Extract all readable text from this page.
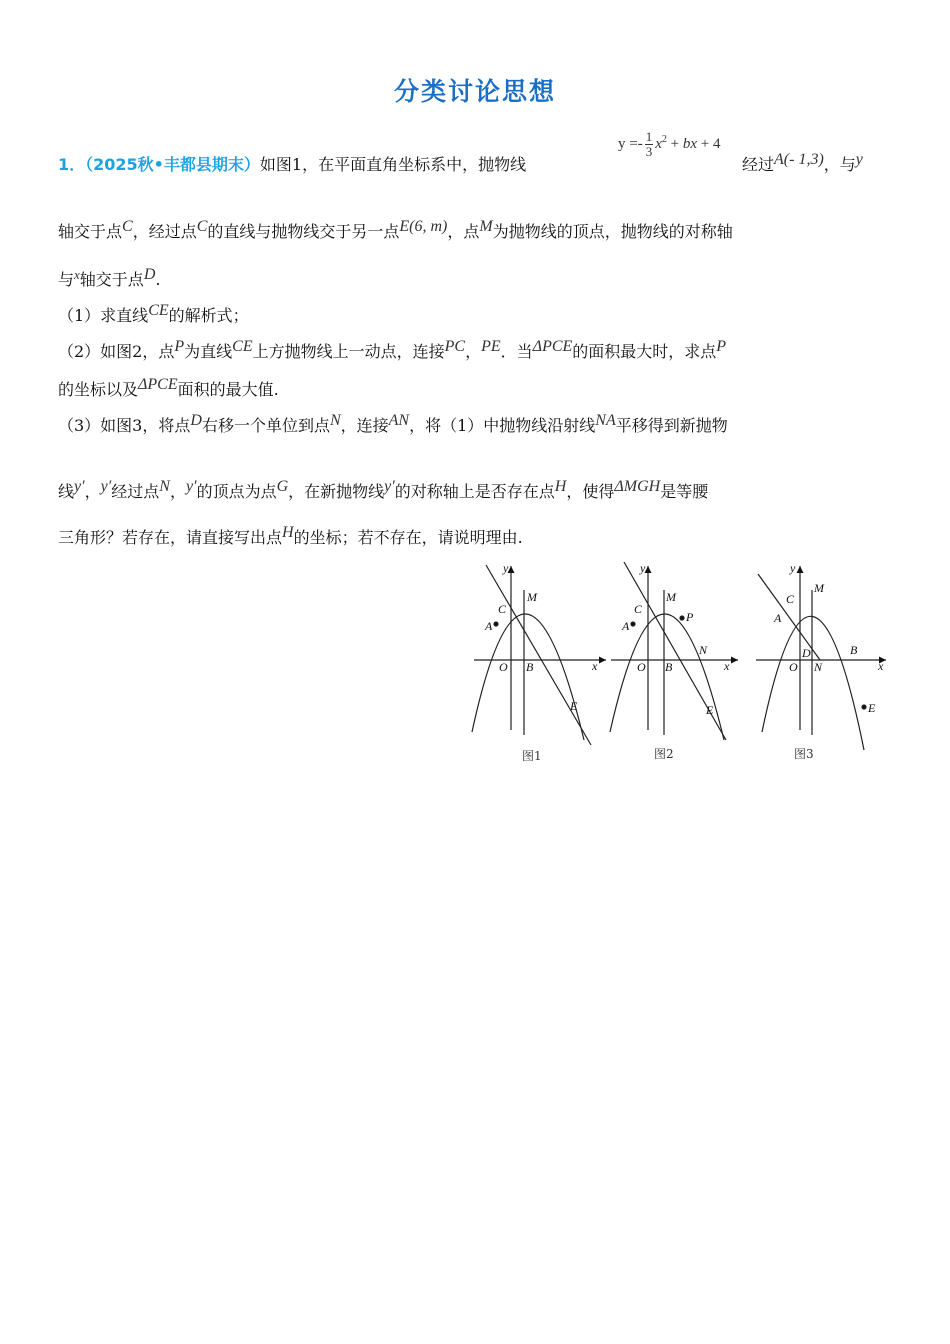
分类讨论思想
1．（2025秋•丰都县期末）如图1，在平面直角坐标系中，抛物线
$y =- \frac{1}{3} x^2$ + bx + 4
经过A(- 1,3)，与y
轴交于点C，经过点C的直线与抛物线交于另一点E(6, m)，点M为抛物线的顶点，抛物线的对称轴
与$^x$轴交于点D.
（1）求直线CE的解析式；
（2）如图2，点P为直线CE上方抛物线上一动点，连接PC，PE．当ΔPCE的面积最大时，求点P
的坐标以及ΔPCE面积的最大值.
（3）如图3，将点D右移一个单位到点N，连接AN，将（1）中抛物线沿射线NA平移得到新抛物
线y′，y′经过点N，y′的顶点为点G，在新抛物线y′的对称轴上是否存在点H，使得ΔMGH是等腰
三角形？若存在，请直接写出点H的坐标；若不存在，请说明理由.
y
x
O B
C
M
A
E
图1
y
x
O B
C
M
A
P
N
E
图2
y
x
O
D
N
B
C
M
A
E
图3
